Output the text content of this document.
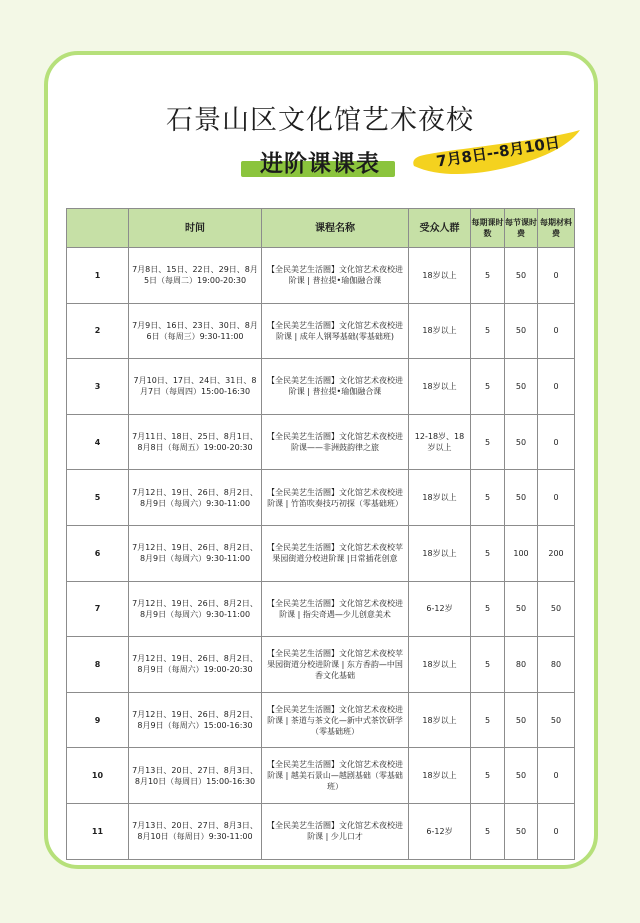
石景山区文化馆艺术夜校
进阶课课表	7月8日--8月10日
	时间	课程名称	受众人群	每期课时数	每节课时费	每期材料费
1	7月8日、15日、22日、29日、8月5日（每周二）19:00-20:30	【全民美艺生活圈】文化馆艺术夜校进阶课 | 普拉提•瑜伽融合课	18岁以上	5	50	0
2	7月9日、16日、23日、30日、8月6日（每周三）9:30-11:00	【全民美艺生活圈】文化馆艺术夜校进阶课 | 成年人钢琴基础(零基础班)	18岁以上	5	50	0
3	7月10日、17日、24日、31日、8月7日（每周四）15:00-16:30	【全民美艺生活圈】文化馆艺术夜校进阶课 | 普拉提•瑜伽融合课	18岁以上	5	50	0
4	7月11日、18日、25日、8月1日、8月8日（每周五）19:00-20:30	【全民美艺生活圈】文化馆艺术夜校进阶课——非洲鼓韵律之旅	12-18岁、18岁以上	5	50	0
5	7月12日、19日、26日、8月2日、8月9日（每周六）9:30-11:00	【全民美艺生活圈】文化馆艺术夜校进阶课 | 竹笛吹奏技巧初探（零基础班）	18岁以上	5	50	0
6	7月12日、19日、26日、8月2日、8月9日（每周六）9:30-11:00	【全民美艺生活圈】文化馆艺术夜校苹果园街道分校进阶课 |日常插花创意	18岁以上	5	100	200
7	7月12日、19日、26日、8月2日、8月9日（每周六）9:30-11:00	【全民美艺生活圈】文化馆艺术夜校进阶课 | 指尖奇遇—少儿创意美术	6-12岁	5	50	50
8	7月12日、19日、26日、8月2日、8月9日（每周六）19:00-20:30	【全民美艺生活圈】文化馆艺术夜校苹果园街道分校进阶课 | 东方香韵—中国香文化基础	18岁以上	5	80	80
9	7月12日、19日、26日、8月2日、8月9日（每周六）15:00-16:30	【全民美艺生活圈】文化馆艺术夜校进阶课 | 茶道与茶文化—新中式茶饮研学（零基础班）	18岁以上	5	50	50
10	7月13日、20日、27日、8月3日、8月10日（每周日）15:00-16:30	【全民美艺生活圈】文化馆艺术夜校进阶课 | 越美石景山—越剧基础（零基础班）	18岁以上	5	50	0
11	7月13日、20日、27日、8月3日、8月10日（每周日）9:30-11:00	【全民美艺生活圈】文化馆艺术夜校进阶课 | 少儿口才	6-12岁	5	50	0
